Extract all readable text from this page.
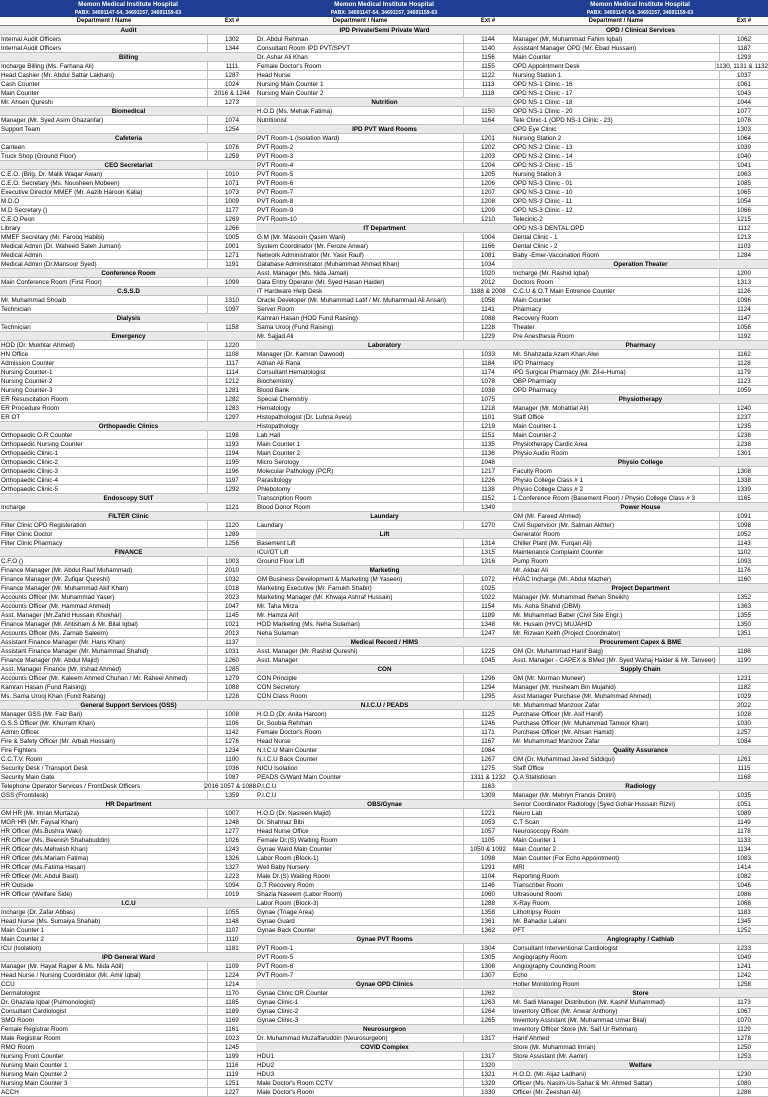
Memon Medical Institute Hospital
PABX: 34691147-54, 34691157, 34691159-63
Department / Name	Ext #
Audit
Internal Audit Officers	1302
Internal Audit Officers	1344
Billing
Incharge Billing (Ms. Farhana Ali)	1111
Head Cashier (Mr. Abdul Sattar Lakhani)	1287
Cash Counter	1024
Main Counter	2016 & 1244
Mr. Ahsen Qureshi	1273
Biomedical
Manager (Mr. Syed Asim Ghazanfar)	1074
Support Team	1254
Cafeteria
Canteen	1076
Truck Shop (Ground Floor)	1259
CEO Secretariat
C.E.O. (Brig. Dr. Malik Waqar Awan)	1010
C.E.O. Secretary (Ms. Nousheen Mobeen)	1071
Executive Director MMEF (Mr. Aazib Haroon Kalia)	1073
M.D.O	1009
M.D Secretary ()	1177
C.E.O Peon	1269
Library	1266
MMEF Secretary (Mr. Farooq Habibi)	1005
Medical Admin (Dr. Waheed Saleh Jumani)	1001
Medical Admin	1271
Medical Admin (Dr.Mansoor Syed)	1191
Conference Room
Main Conference Room (First Floor)	1099
C.S.S.D
Mr. Muhammad Shoaib	1310
Technician	1097
Dialysis
Technician	1158
Emergency
HOD (Dr. Mukhtar Ahmed)	1220
HN Office	1108
Admission Counter	1117
Nursing Counter-1	1114
Nursing Counter-2	1212
Nursing Counter-3	1281
ER Resuscitation Room	1282
ER Procedure Room	1283
ER OT	1297
Orthopaedic Clinics
Orthopaedic O.R Counter	1198
Orthopaedic Nursing Counter	1193
Orthopaedic Clinic-1	1194
Orthopaedic Clinic-2	1195
Orthopaedic Clinic-3	1196
Orthopaedic Clinic-4	1197
Orthopaedic Clinic-5	1292
Endoscopy SUIT
Incharge	1121
FILTER Clinic
Filter Clinic OPD Registeration	1120
Filter Clinic Doctor	1289
Filter Clinic Pharmacy	1256
FINANCE
C.F.O ()	1003
Finance Manager (Mr. Abdul Rauf Muhammad)	2010
Finance Manager (Mr. Zufiqar Qureshi)	1032
Finance Manager (Mr. Muhammad Akif Khan)	1018
Accounts Officer (Mr. Muhammad Yaser)	2023
Accounts Officer (Mr. Hammad Ahmed)	1047
Asst. Manager (Mr.Zahid Hussain Khokhar)	1145
Finance Manager (Mr. Ahtisham & Mr. Bilal Iqbal)	1021
Accounts Officer (Ms. Zarnab Saleem)	2013
Assistant Finance Manager (Mr. Hans Khan)	1137
Assistant Finance Manager (Mr. Muhammad Shahid)	1031
Finance Manager (Mr. Abdul Majid)	1260
Asst. Manager Finance (Mr. Irshad Ahmed)	1285
Accounts Officer (Mr. Kaleem Ahmed Chuhan / Mr. Raheel Ahmed)	1279
Kamran Hasan (Fund Raising)	1088
Ms. Sama Urooj Khan (Fund Raising)	1228
General Support Services (GSS)
Manager GSS (Mr. Faiz Bari)	1008
G.S.S Officer (Mr. Khurram Khan)	1106
Admin Officer	1142
Fire & Safety Officer (Mr. Arbab Hussain)	1276
Fire Fighters	1234
C.C.T.V. Room	1100
Security Desk / Transport Desk	1036
Security Main Gate	1087
Telephone Operator Services / FrontDesk Officers	2016 1057 & 1088
GSS (Frontdesk)	1359
HR Department
GM HR (Mr. Imran Murtaza)	1007
MGR HR (Mr. Faysal Khan)	1248
HR Officer (Ms.Bushra Waki)	1277
HR Officer (Ms. Beenish Shahabuddin)	1026
HR Officer (Ms.Mehwish Khan)	1243
HR Officer (Ms.Mariam Fatima)	1326
HR Officer (Ms.Fatima Hasan)	1327
HR Officer (Mr. Abdul Basit)	1223
HR Outside	1094
HR Officer (Welfare Side)	1019
I.C.U
Incharge (Dr. Zafar Abbas)	1055
Head Nurse (Ms. Sumaiya Shahab)	1148
Main Counter 1	1107
Main Counter 2	1110
ICU (Isolation)	1181
IPD General Ward
Manager (Mr. Hayat Rajper & Ms. Nida Adil)	1109
Head Nurse / Nursing Coordinator (Mr. Amir Iqbal)	1224
CCU	1214
Dermatologist	1170
Dr. Ghazala Iqbal (Pulmonologist)	1185
Consultant Cardiologist	1189
SMO Room	1169
Female Registrar Room	1161
Male Registrar Room	1023
RMO Room	1245
Nursing Front Counter	1199
Nursing Main Counter 1	1116
Nursing Main Counter 2	1119
Nursing Main Counter 3	1251
ACCH	1227
Memon Medical Institute Hospital
PABX: 34691147-54, 34691157, 34691159-63
Department / Name	Ext #
IPD Private/Semi Private Ward
Dr. Abdul Rehman	1144
Consultant Room IPD PVT/SPVT	1140
Dr. Ashar Ali Khan	1156
Female Doctor's Room	1155
Head Nurse	1122
Nursing Main Counter 1	1113
Nursing Main Counter 2	1118
Nutrition
H.O.D (Ms. Mehak Fatima)	1150
Nutritionist	1164
IPD PVT Ward Rooms
PVT Room-1 (Isolation Ward)	1201
PVT Room-2	1202
PVT Room-3	1203
PVT Room-4	1204
PVT Room-5	1205
PVT Room-6	1206
PVT Room-7	1207
PVT Room-8	1208
PVT Room-9	1209
PVT Room-10	1210
IT Department
G.M (Mr. Masoom Qasim Wani)	1004
System Coordinator (Mr. Feroze Anwar)	1166
Network Administrator (Mr. Yasir Rauf)	1081
Database Administrator (Muhammad Ahmad Khan)	1034
Asst. Manager (Ms. Nida Jamali)	1020
Data Entry Operator (Mr. Syed Hasan Haider)	2012
IT Hardware Help Desk	1188 & 2008
Oracle Developer (Mr. Muhammad Latif / Mr. Muhammad Ali Ansari)	1058
Server Room	1141
Kamran Hasan (HOD Fund Raising)	1088
Sama Urooj (Fund Raising)	1228
Mr. Sajjad Ali	1229
Laboratory
Manager (Dr. Kamran Dawood)	1033
Adnan Ali Rana	1184
Consultant Hematologist	1174
Biochemistry	1078
Blood Bank	1038
Special Chemistry	1075
Hematology	1218
Histopathologist (Dr. Lubna Avesi)	1101
Histopathology	1219
Lab Hall	1151
Main Counter 1	1135
Main Counter 2	1136
Micro Serology	1048
Molecular Pathology (PCR)	1217
Parasitology	1226
Phlebotomy	1138
Transcription Room	1152
Blood Donor Room	1349
Laundary
Laundary	1270
Lift
Basement Lift	1314
ICU/OT Lift	1315
Ground Floor Lift	1316
Marketing
GM Business Development & Marketing (M Yaseen)	1072
Marketing Executive (Mr. Farrukh Shabir)	1025
Marketing Manager (Mr. Khwaja Ashraf Hussain)	1022
Mr. Taha Mirza	1154
Mr. Hamza Arif	1189
HOD Marketing (Ms. Neha Sulaman)	1348
Neha Sulaman	1247
Medical Record / HIMS
Asst. Manager (Mr. Rashid Qureshi)	1225
Asst. Manager	1045
CON
CON Principle	1296
CON Secretory	1294
CON Class Room	1295
N.I.C.U / PEADS
H.O.D (Dr. Anita Haroon)	1125
Dr. Soobia Rehman	1246
Female Doctor's Room	1171
Head Nurse	1167
N.I.C.U Main Counter	1084
N.I.C.U Back Counter	1267
NICU Isolation	1275
PEADS G/Ward Main Counter	1311 & 1232
P.I.C.U	1163
P.I.C.U	1309
OBS/Gynae
H.O.D (Dr. Nasreen Majid)	1221
Dr. Shahnaz Bibi	1053
Head Nurse Office	1057
Female Dr.(S) Waiting Room	1105
Gynae Ward Main Counter	1050 & 1092
Labor Room (Block-1)	1098
Well Baby Nursery	1291
Male Dr.(S) Waiting Room	1104
D.T Recovery Room	1146
Shazia Naseem (Labor Room)	1060
Labor Room (Block-3)	1288
Gynae (Triage Area)	1358
Gynae Guard	1361
Gynae Back Counter	1362
Gynae PVT Rooms
PVT Room-1	1304
PVT Room-5	1305
PVT Room-6	1306
PVT Room-7	1307
Gynae OPD Clinics
Gynae Clinic OR Counter	1262
Gynae Clinic-1	1263
Gynae Clinic-2	1264
Gynae Clinic-3	1265
Neurosurgeon
Dr. Muhammad Muzaffaruddin (Neurosurgeon)	1317
COVID Complex
HDU1	1317
HDU2	1320
HDU3	1321
Male Doctor's Room CCTV	1329
Male Doctor's Room	1330
Memon Medical Institute Hospital
PABX: 34691147-54, 34691157, 34691159-63
Department / Name	Ext #
OPD / Clinical Services
Manager (Mr. Muhammad Fahim Iqbal)	1062
Assistant Manager OPD (Mr. Ebad Hussain)	1187
Main Counter	1293
OPD Appointment Desk	1130, 1131 & 1132
Nursing Station 1	1037
OPD NS-1 Clinic - 16	1061
OPD NS-1 Clinic - 17	1043
OPD NS-1 Clinic - 18	1044
OPD NS-1 Clinic - 20	1077
Tele Clinic-1 (OPD NS-1 Clinic - 23)	1078
OPD Eye Clinic	1303
Nursing Station 2	1064
OPD NS-2 Clinic - 13	1039
OPD NS-2 Clinic - 14	1040
OPD NS-2 Clinic - 15	1041
Nursing Station 3	1063
OPD NS-3 Clinic - 01	1085
OPD NS-3 Clinic - 10	1065
OPD NS-3 Clinic - 11	1054
OPD NS-3 Clinic - 12	1066
Telecinic-2	1215
OPD NS-3 DENTAL OPD	1112
Dental Clinic - 1	1213
Dental Clinic - 2	1103
Baby -Emer-Vaccination Room	1284
Operation Theater
Incharge (Mr. Rashid Iqbal)	1200
Doctors Room	1313
C.C.U & O.T Main Entrence Counter	1126
Main Counter	1096
Pharmacy	1124
Recovery Room	1147
Theater	1056
Pre Anesthesia Room	1192
Pharmacy
Mr. Shahzada Azam Khan Alwi	1162
IPD Pharmacy	1128
IPD Surgical Pharmacy (Mr. Zil-e-Huma)	1179
OBP Pharmacy	1123
OPD Pharmacy	1059
Physiotherapy
Manager (Mr. Mohattiat Ali)	1240
Staff Office	1237
Main Counter-1	1235
Main Counter-2	1236
Physiotherapy Cardic Area	1238
Physio Audio Room	1301
Physio College
Faculty Room	1308
Physio College Class # 1	1338
Physio College Class # 2	1339
1 Conference Room (Basement Floor) / Physio College Class # 3	1165
Power House
GM (Mr. Fareed Ahmed)	1091
Civil Supervisor (Mr. Salman Akhter)	1098
Generator Room	1052
Chiller Plant (Mr. Furqan Ali)	1143
Maintenance Complaint Counter	1102
Pump Room	1093
Mr. Akbar Ali	1176
HVAC Incharge (Mr. Abdul Mazher)	1160
Project Department
Manager (Mr. Muhammad Rehan Sheikh)	1352
Ms. Asha Shahid (DBM)	1363
Mr. Muhammad Baber (Civil Site Engr.)	1355
Mr. Husain (HVC) MUJAHID	1350
Mr. Rizwan Keith (Project Coordinator)	1351
Procurement Capex & BME
GM (Dr. Muhammad Hanif Baig)	1186
Asst. Manager - CAPEX & BMed (Mr. Syed Wahaj Haider & Mr. Tanveer)	1190
Supply Chain
GM (Mr. Norman Muneer)	1231
Manager (Mr. Husheam Bin Mujahid)	1182
Asst Manager Purchase (Mr. Muhammad Ahmed)	1029
Mr. Muhammad Manzoor Zafar	2022
Purchase Officer (Mr. Asif Hanif)	1028
Purchase Officer (Mr. Muhammad Tamoor Khan)	1030
Purchase Officer (Mr. Ahsan Hamid)	1257
Mr. Muhammad Manzoor Zafar	1084
Quality Assurance
GM (Dr. Muhammad Javed Siddiqui)	1261
Staff Office	1115
Q.A Statistician	1168
Radiology
Manager (Mr. Mehryn Francis Dmitri)	1035
Senior Coordinator Radiology (Syed Gohar Hussain Rizvi)	1051
Neuro Lab	1089
C.T Scan	1149
Neurosocopy Room	1178
Main Counter 1	1133
Main Counter 2	1134
Main Counter (For Echo Appointment)	1083
MRI	1414
Reporting Room	1082
Transcriber Room	1046
Ultrasound Room	1086
X-Ray Room	1068
Lithotripsy Room	1183
Mr. Bahadur Lalani	1345
PFT	1252
Angiography / Cathlab
Consultant Interventional Cardiologist	1233
Angiography Room	1049
Angiography Counding Room	1241
Echo	1242
Holter Monitoring Room	1258
Store
Mr. Sadi Manager Distribution (Mr. Kashif Muhammad)	1173
Inventory Officer (Mr. Anwar Anthony)	1067
Inventory Assistant (Mr. Muhammad Umar Bilal)	1070
Inventory Officer Store (Mr. Saif Ur Rehman)	1129
Hanif Ahmed	1278
Store (Mr. Muhammad Imran)	1250
Store Assistant (Mr. Aamir)	1253
Welfare
H.O.D. (Mr. Aijaz Ladhani)	1230
Officer (Ms. Nasim-Us-Sahar & Mr. Ahmed Sattar)	1080
Officer (Mr. Zeeshan Ali)	1286
